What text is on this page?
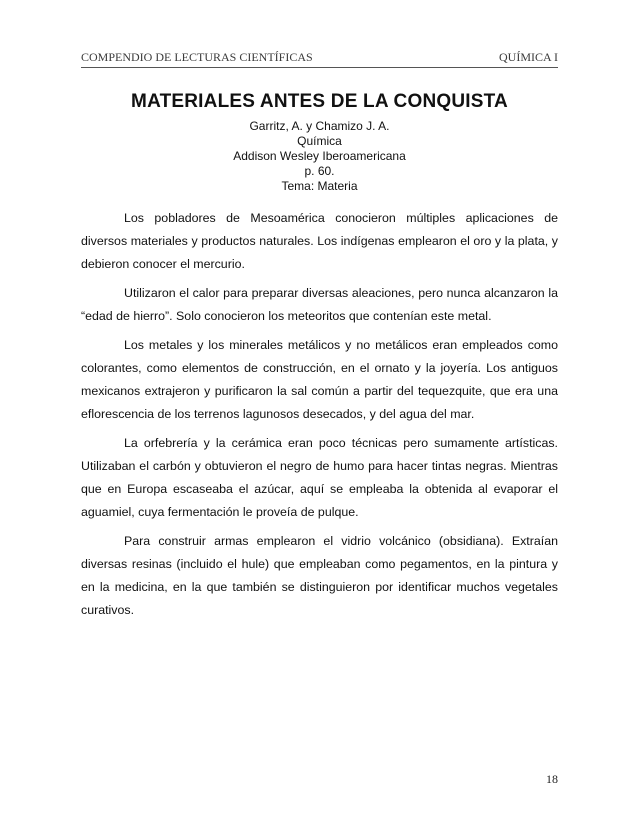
COMPENDIO DE LECTURAS CIENTÍFICAS	QUÍMICA I
MATERIALES ANTES DE LA CONQUISTA
Garritz, A. y Chamizo J. A.
Química
Addison Wesley Iberoamericana
p. 60.
Tema: Materia

Los pobladores de Mesoamérica conocieron múltiples aplicaciones de diversos materiales y productos naturales. Los indígenas emplearon el oro y la plata, y debieron conocer el mercurio.

Utilizaron el calor para preparar diversas aleaciones, pero nunca alcanzaron la “edad de hierro”. Solo conocieron los meteoritos que contenían este metal.

Los metales y los minerales metálicos y no metálicos eran empleados como colorantes, como elementos de construcción, en el ornato y la joyería. Los antiguos mexicanos extrajeron y purificaron la sal común a partir del tequezquite, que era una eflorescencia de los terrenos lagunosos desecados, y del agua del mar.

La orfebrería y la cerámica eran poco técnicas pero sumamente artísticas. Utilizaban el carbón y obtuvieron el negro de humo para hacer tintas negras. Mientras que en Europa escaseaba el azúcar, aquí se empleaba la obtenida al evaporar el aguamiel, cuya fermentación le proveía de pulque.

Para construir armas emplearon el vidrio volcánico (obsidiana). Extraían diversas resinas (incluido el hule) que empleaban como pegamentos, en la pintura y en la medicina, en la que también se distinguieron por identificar muchos vegetales curativos.

18
